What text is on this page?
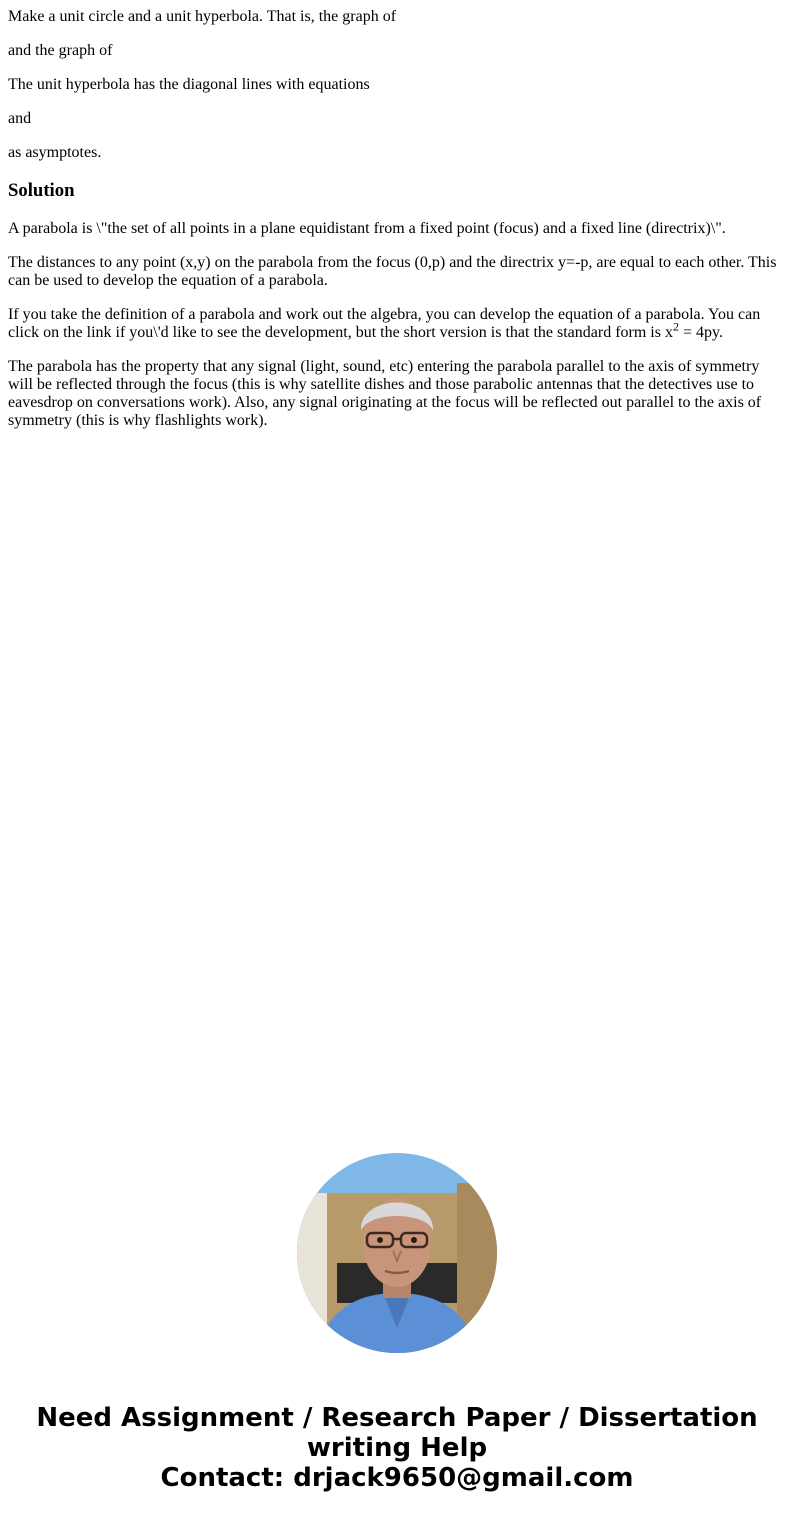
Make a unit circle and a unit hyperbola. That is, the graph of

and the graph of

The unit hyperbola has the diagonal lines with equations

and

as asymptotes.

Solution

A parabola is \"the set of all points in a plane equidistant from a fixed point (focus) and a fixed line (directrix)\".

The distances to any point (x,y) on the parabola from the focus (0,p) and the directrix y=-p, are equal to each other. This can be used to develop the equation of a parabola.

If you take the definition of a parabola and work out the algebra, you can develop the equation of a parabola. You can click on the link if you\'d like to see the development, but the short version is that the standard form is $x^2 = 4py$.

The parabola has the property that any signal (light, sound, etc) entering the parabola parallel to the axis of symmetry will be reflected through the focus (this is why satellite dishes and those parabolic antennas that the detectives use to eavesdrop on conversations work). Also, any signal originating at the focus will be reflected out parallel to the axis of symmetry (this is why flashlights work).

Need Assignment / Research Paper / Dissertation
writing Help
Contact: drjack9650@gmail.com
